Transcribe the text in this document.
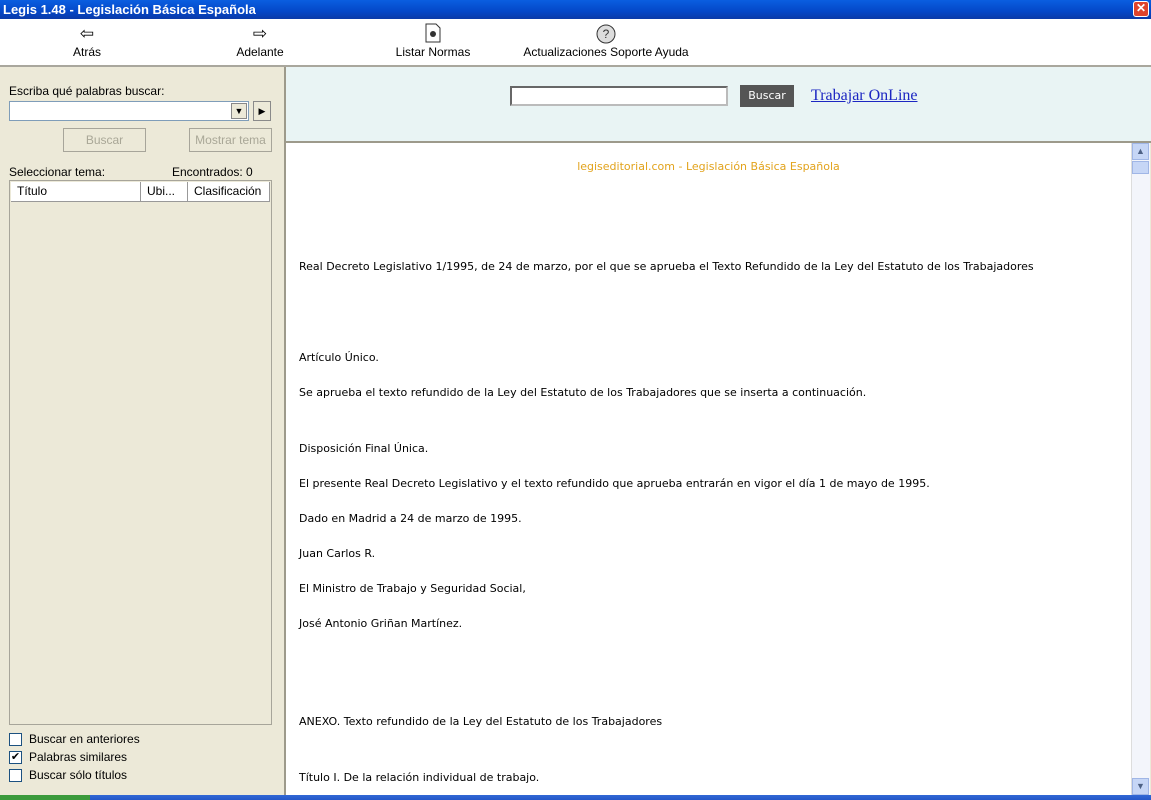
Legis 1.48 - Legislación Básica Española	✕
⇦
Atrás
⇨
Adelante	Listar Normas
?
Actualizaciones Soporte Ayuda
Escriba qué palabras buscar:
▼	▶
Buscar	Mostrar tema
Seleccionar tema:	Encontrados: 0
Título	Ubi...	Clasificación
Buscar en anteriores
✔ Palabras similares
Buscar sólo títulos
Buscar	Trabajar OnLine
legiseditorial.com - Legislación Básica Española

Real Decreto Legislativo 1/1995, de 24 de marzo, por el que se aprueba el Texto Refundido de la Ley del Estatuto de los Trabajadores

Artículo Único.

Se aprueba el texto refundido de la Ley del Estatuto de los Trabajadores que se inserta a continuación.

Disposición Final Única.

El presente Real Decreto Legislativo y el texto refundido que aprueba entrarán en vigor el día 1 de mayo de 1995.

Dado en Madrid a 24 de marzo de 1995.

Juan Carlos R.

El Ministro de Trabajo y Seguridad Social,

José Antonio Griñan Martínez.

ANEXO. Texto refundido de la Ley del Estatuto de los Trabajadores

Título I. De la relación individual de trabajo.

▲
▼
